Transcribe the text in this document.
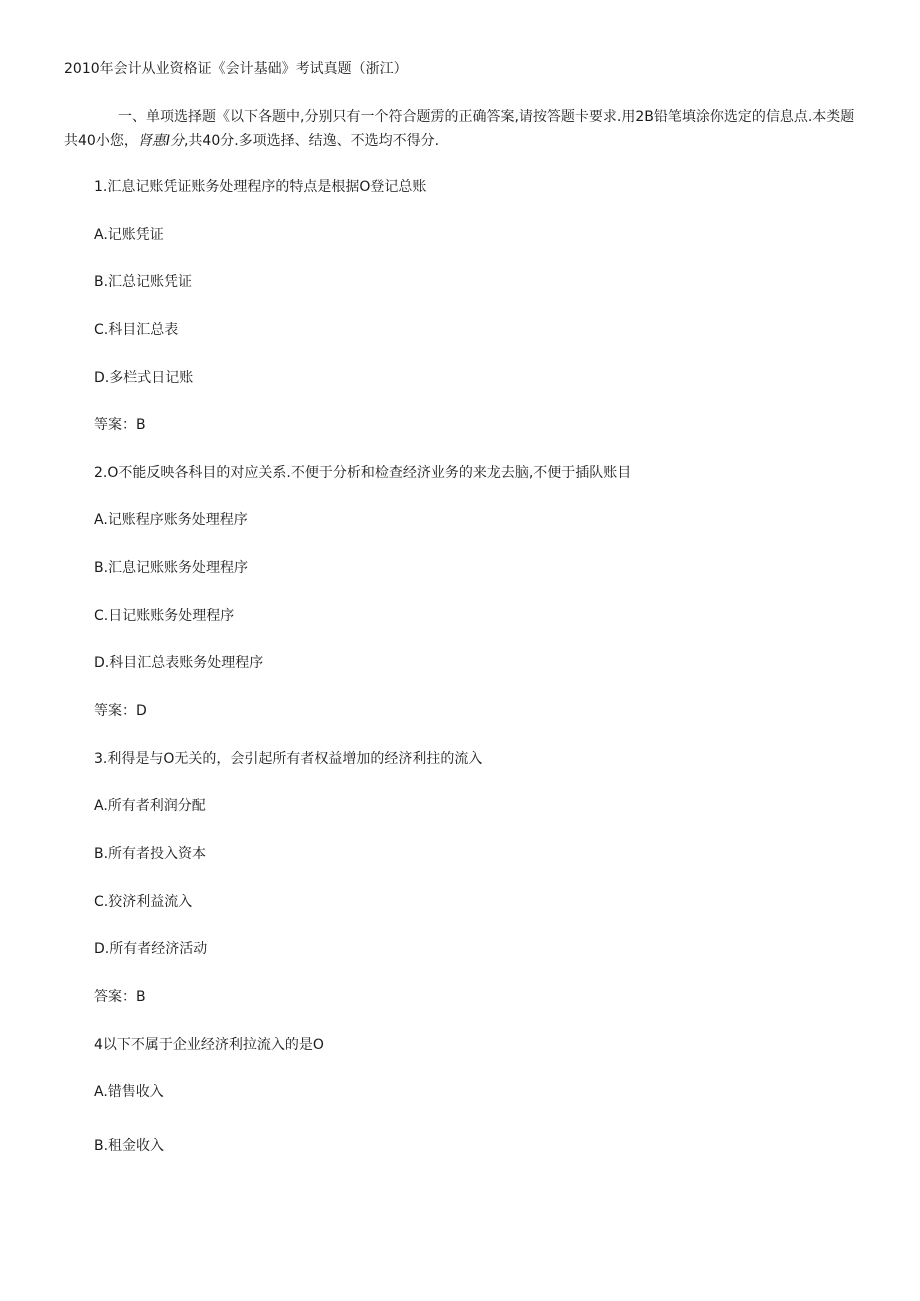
2010年会计从业资格证《会计基础》考试真题（浙江）
一、单项选择题《以下各题中,分别只有一个符合题雳的正确答案,请按答题卡要求.用2B铅笔填涂你选定的信息点.本类题共40小您，肾惠Ⅰ分,共40分.多项选择、结逸、不选均不得分.
1.汇息记账凭证账务处理程序的特点是根据O登记总账
A.记账凭证
B.汇总记账凭证
C.科目汇总表
D.多栏式日记账
等案：B
2.O不能反映各科目的对应关系.不便于分析和检查经济业务的来龙去脑,不便于插队账目
A.记账程序账务处理程序
B.汇息记账账务处理程序
C.日记账账务处理程序
D.科目汇总表账务处理程序
等案：D
3.利得是与O无关的，会引起所有者权益增加的经济利拄的流入
A.所有者利润分配
B.所有者投入资本
C.狡济利益流入
D.所有者经济活动
答案：B
4以下不属于企业经济利拉流入的是O
A.错售收入
B.租金收入
